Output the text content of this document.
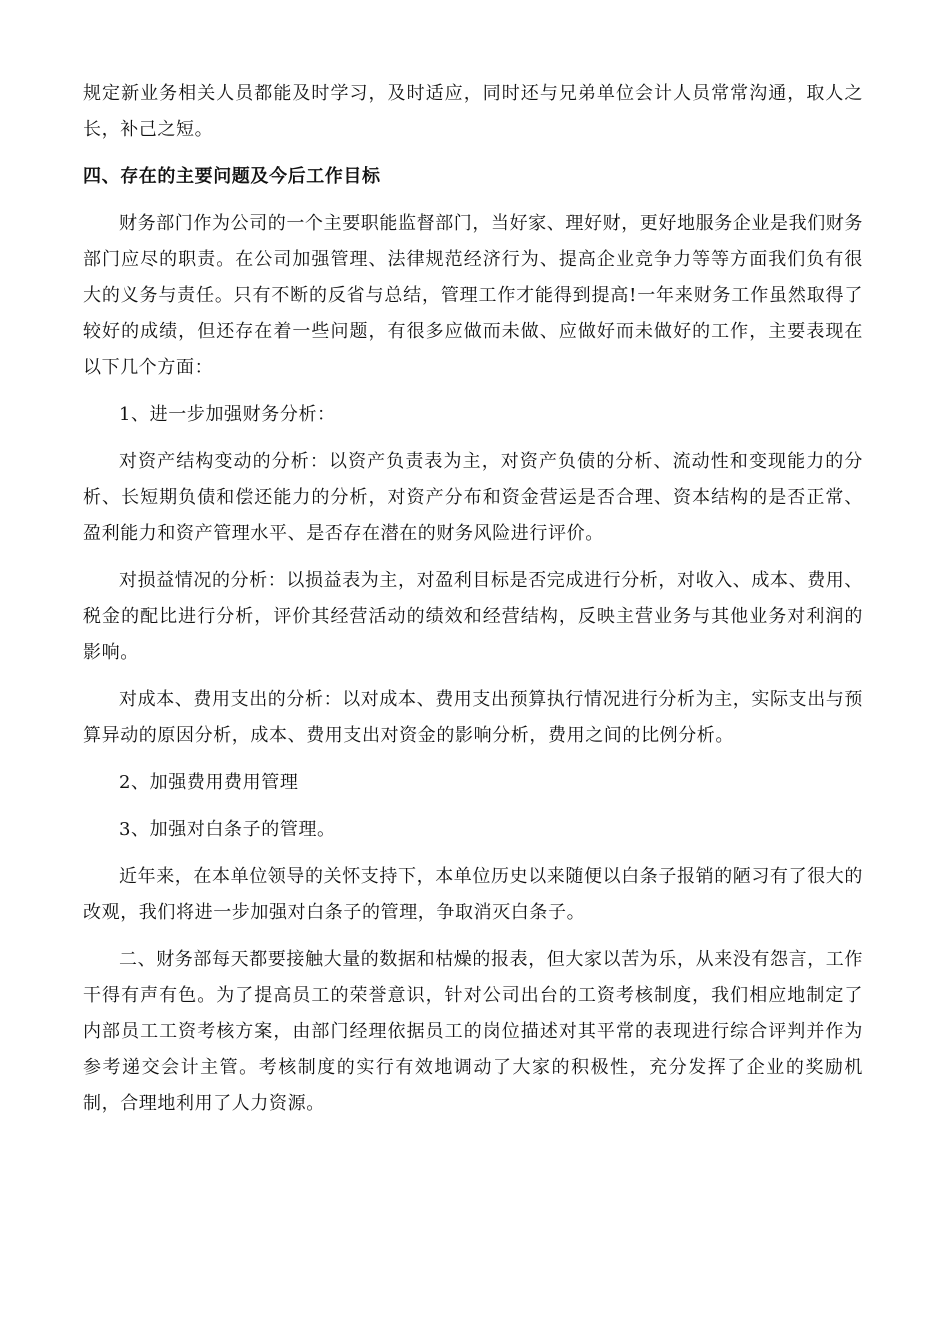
规定新业务相关人员都能及时学习，及时适应，同时还与兄弟单位会计人员常常沟通，取人之长，补己之短。

四、存在的主要问题及今后工作目标

财务部门作为公司的一个主要职能监督部门，当好家、理好财，更好地服务企业是我们财务部门应尽的职责。在公司加强管理、法律规范经济行为、提高企业竞争力等等方面我们负有很大的义务与责任。只有不断的反省与总结，管理工作才能得到提高!一年来财务工作虽然取得了较好的成绩，但还存在着一些问题，有很多应做而未做、应做好而未做好的工作，主要表现在以下几个方面：

1、进一步加强财务分析：

对资产结构变动的分析：以资产负责表为主，对资产负债的分析、流动性和变现能力的分析、长短期负债和偿还能力的分析，对资产分布和资金营运是否合理、资本结构的是否正常、盈利能力和资产管理水平、是否存在潜在的财务风险进行评价。

对损益情况的分析：以损益表为主，对盈利目标是否完成进行分析，对收入、成本、费用、税金的配比进行分析，评价其经营活动的绩效和经营结构，反映主营业务与其他业务对利润的影响。

对成本、费用支出的分析：以对成本、费用支出预算执行情况进行分析为主，实际支出与预算异动的原因分析，成本、费用支出对资金的影响分析，费用之间的比例分析。

2、加强费用费用管理

3、加强对白条子的管理。

近年来，在本单位领导的关怀支持下，本单位历史以来随便以白条子报销的陋习有了很大的改观，我们将进一步加强对白条子的管理，争取消灭白条子。

二、财务部每天都要接触大量的数据和枯燥的报表，但大家以苦为乐，从来没有怨言，工作干得有声有色。为了提高员工的荣誉意识，针对公司出台的工资考核制度，我们相应地制定了内部员工工资考核方案，由部门经理依据员工的岗位描述对其平常的表现进行综合评判并作为参考递交会计主管。考核制度的实行有效地调动了大家的积极性，充分发挥了企业的奖励机制，合理地利用了人力资源。
